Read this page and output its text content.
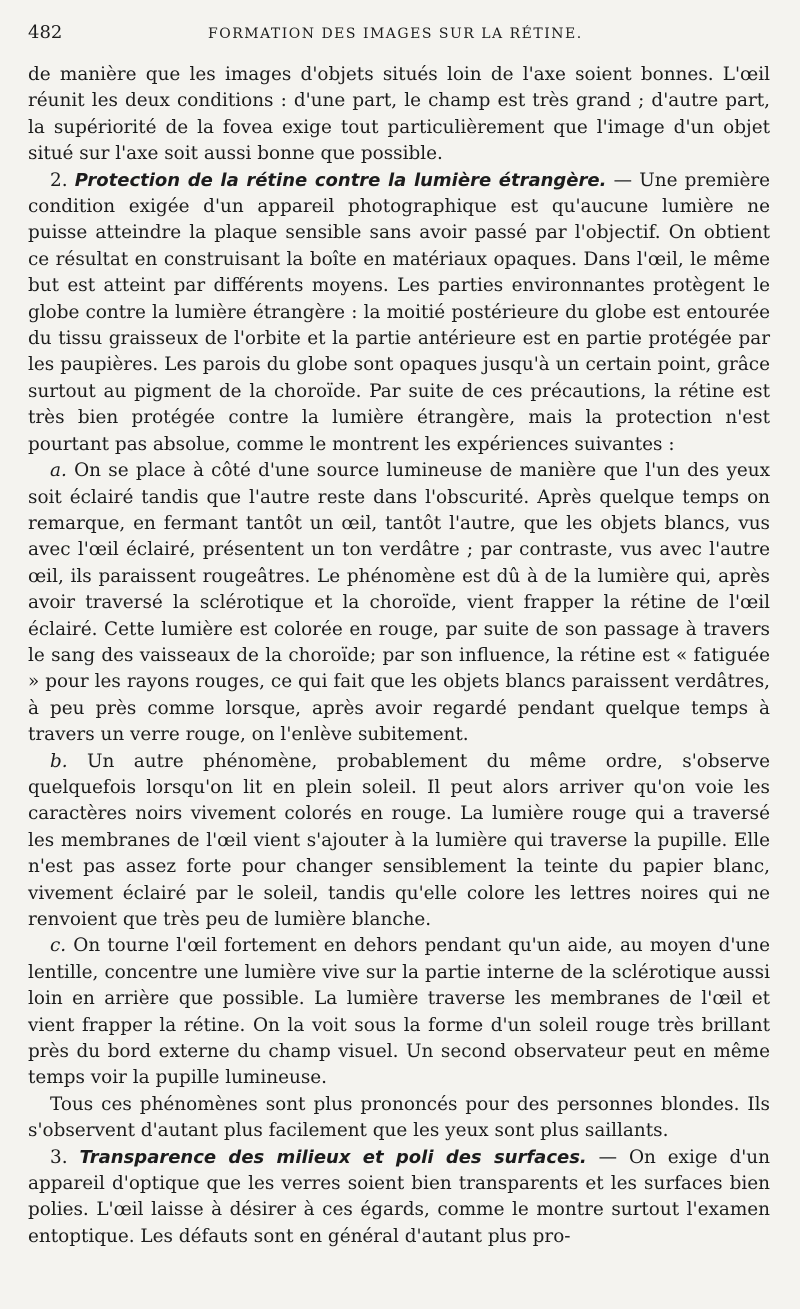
482	FORMATION DES IMAGES SUR LA RÉTINE.

de manière que les images d'objets situés loin de l'axe soient bonnes. L'œil réunit les deux conditions : d'une part, le champ est très grand ; d'autre part, la supériorité de la fovea exige tout particulièrement que l'image d'un objet situé sur l'axe soit aussi bonne que possible.

2. Protection de la rétine contre la lumière étrangère. — Une première condition exigée d'un appareil photographique est qu'aucune lumière ne puisse atteindre la plaque sensible sans avoir passé par l'objectif. On obtient ce résultat en construisant la boîte en matériaux opaques. Dans l'œil, le même but est atteint par différents moyens. Les parties environnantes protègent le globe contre la lumière étrangère : la moitié postérieure du globe est entourée du tissu graisseux de l'orbite et la partie antérieure est en partie protégée par les paupières. Les parois du globe sont opaques jusqu'à un certain point, grâce surtout au pigment de la choroïde. Par suite de ces précautions, la rétine est très bien protégée contre la lumière étrangère, mais la protection n'est pourtant pas absolue, comme le montrent les expériences suivantes :

a. On se place à côté d'une source lumineuse de manière que l'un des yeux soit éclairé tandis que l'autre reste dans l'obscurité. Après quelque temps on remarque, en fermant tantôt un œil, tantôt l'autre, que les objets blancs, vus avec l'œil éclairé, présentent un ton verdâtre ; par contraste, vus avec l'autre œil, ils paraissent rougeâtres. Le phénomène est dû à de la lumière qui, après avoir traversé la sclérotique et la choroïde, vient frapper la rétine de l'œil éclairé. Cette lumière est colorée en rouge, par suite de son passage à travers le sang des vaisseaux de la choroïde; par son influence, la rétine est « fatiguée » pour les rayons rouges, ce qui fait que les objets blancs paraissent verdâtres, à peu près comme lorsque, après avoir regardé pendant quelque temps à travers un verre rouge, on l'enlève subitement.

b. Un autre phénomène, probablement du même ordre, s'observe quelquefois lorsqu'on lit en plein soleil. Il peut alors arriver qu'on voie les caractères noirs vivement colorés en rouge. La lumière rouge qui a traversé les membranes de l'œil vient s'ajouter à la lumière qui traverse la pupille. Elle n'est pas assez forte pour changer sensiblement la teinte du papier blanc, vivement éclairé par le soleil, tandis qu'elle colore les lettres noires qui ne renvoient que très peu de lumière blanche.

c. On tourne l'œil fortement en dehors pendant qu'un aide, au moyen d'une lentille, concentre une lumière vive sur la partie interne de la sclérotique aussi loin en arrière que possible. La lumière traverse les membranes de l'œil et vient frapper la rétine. On la voit sous la forme d'un soleil rouge très brillant près du bord externe du champ visuel. Un second observateur peut en même temps voir la pupille lumineuse.

Tous ces phénomènes sont plus prononcés pour des personnes blondes. Ils s'observent d'autant plus facilement que les yeux sont plus saillants.

3. Transparence des milieux et poli des surfaces. — On exige d'un appareil d'optique que les verres soient bien transparents et les surfaces bien polies. L'œil laisse à désirer à ces égards, comme le montre surtout l'examen entoptique. Les défauts sont en général d'autant plus pro-
